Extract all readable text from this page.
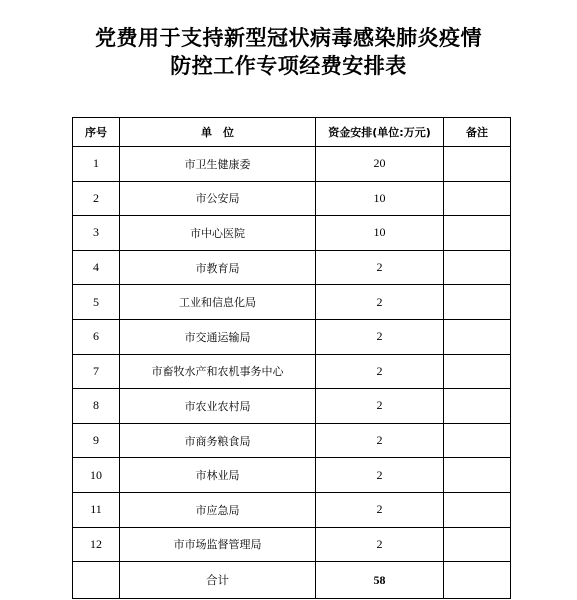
党费用于支持新型冠状病毒感染肺炎疫情
防控工作专项经费安排表
序号	单　位	资金安排(单位:万元)	备注
1	市卫生健康委	20	
2	市公安局	10	
3	市中心医院	10	
4	市教育局	2	
5	工业和信息化局	2	
6	市交通运输局	2	
7	市畜牧水产和农机事务中心	2	
8	市农业农村局	2	
9	市商务粮食局	2	
10	市林业局	2	
11	市应急局	2	
12	市市场监督管理局	2	
	合计	58	
